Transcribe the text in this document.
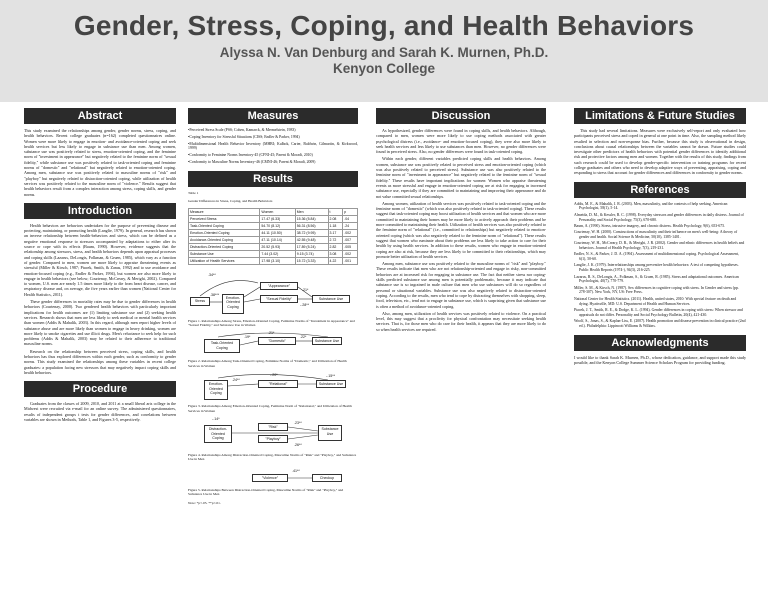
Gender, Stress, Coping, and Health Behaviors
Alyssa N. Van Denburg and Sarah K. Murnen, Ph.D.
Kenyon College
Abstract

This study examined the relationships among gender, gender norms, stress, coping, and health behaviors. Recent college graduates (n=162) completed questionnaires online. Women were more likely to engage in emotion- and avoidance-oriented coping and seek health services but less likely to engage in substance use than men. Among women, substance use was positively related to stress, emotion-oriented coping, and the feminine norm of "investment in appearance" but negatively related to the feminine norm of "sexual fidelity," while substance use was positively related to task-oriented coping and feminine norms of "domestic" and "relational" but negatively related to emotion-oriented coping. Among men, substance use was positively related to masculine norms of "risk" and "playboy" but negatively related to distraction-oriented coping, while utilization of health services was positively related to the masculine norm of "violence." Results suggest that health behaviors result from a complex interaction among stress, coping skills, and gender norms.

Introduction

Health behaviors are behaviors undertaken for the purpose of preventing disease and protecting, maintaining, or promoting health (Langlie, 1979). In general, research has shown an inverse relationship between health-behaviors and stress, which can be defined as a negative emotional response to stressors accompanied by adaptations to either alter its source or cope with its effects (Baum, 1990). However, evidence suggests that the relationship among stressors, stress, and health behaviors depends upon appraisal processes and coping skills (Lazarus, DeLongis, Folkman, & Gruen, 1985), which vary as a function of gender. Compared to men, women are more likely to appraise threatening events as stressful (Miller & Kirsch, 1987; Ptacek, Smith, & Zanas, 1992) and to use avoidance and emotion-focused coping (e.g., Endler & Parker, 1994), but women are also more likely to engage in health behaviors (see below; Courtenay, McCreary, & Merighi, 2002). Compared to women, U.S. men are nearly 1.5 times more likely to die from heart disease, cancer, and respiratory disease and, on average, die five years earlier than women (National Center for Health Statistics, 2011).

These gender differences in mortality rates may be due to gender differences in health behaviors (Courtenay, 2000). Two gendered health behaviors with particularly important implications for health outcomes are (1) limiting substance use and (2) seeking health services. Research shows that men are less likely to seek medical or mental health services than women (Addis & Mahalik, 2003). In this regard, although men report higher levels of substance abuse and are more likely than women to engage in heavy drinking, women are more likely to smoke cigarettes and use illicit drugs. Men's reluctance to seek help for such problems (Addis & Mahalik, 2003) may be related to their adherence to traditional masculine norms.

Research on the relationship between perceived stress, coping skills, and health behaviors has thus explored differences within each gender, such as conformity to gender norms. This study examined the relationships among these variables in recent college graduates: a population facing new stressors that may negatively impact coping skills and health behaviors.

Procedure

Graduates from the classes of 2009, 2010, and 2011 at a small liberal arts college in the Midwest were recruited via e-mail for an online survey. The administered questionnaires, results of independent groups t tests for gender differences, and correlations between variables are shown in Methods, Table 1, and Figures 3-5, respectively.

Measures

•Perceived Stress Scale (PSS; Cohen, Kamarck, & Mermelstein, 1983)

•Coping Inventory for Stressful Situations (CISS; Endler & Parker, 1994)

•Multidimensional Health Behavior Inventory (MHBI; Kulbok, Carter, Baldwin, Gilmartin, & Kirkwood, 1999)

•Conformity to Feminine Norms Inventory-45 (CFNI-45; Parent & Moradi, 2010)

•Conformity to Masculine Norms Inventory-46 (CMNI-46; Parent & Moradi, 2009)

Results
Table 1
Gender Differences in Stress, Coping, and Health Behaviors
Measure	Women	Men	t	p
Perceived Stress	17.47 (6.33)	15.36 (5.84)	2.08	.04
Task-Oriented Coping	54.70 (8.12)	56.31 (8.56)	1.18	.24
Emotion-Oriented Coping	44.11 (10.50)	38.72 (9.95)	3.17	.002
Avoidance-Oriented Coping	47.11 (10.14)	42.55 (9.48)	2.72	.007
Distraction-Oriented Coping	20.52 (5.93)	17.89 (5.24)	2.82	.005
Substance Use	7.44 (3.02)	9.15 (3.74)	3.08	.002
Utilization of Health Services	17.98 (3.10)	15.72 (3.33)	4.22	.001
Stress
Emotion-Oriented Coping
"Appearance"
"Sexual Fidelity"	Substance Use
.34**
.38***
.21*
-.28**
Figure 1. Relationships Among Stress, Emotion-Oriented Coping, Feminine Norms of "Investment in Appearance" and "Sexual Fidelity," and Substance Use in Women
Task-Oriented Coping
"Domestic"	Substance Use
.21*
.19*	.22*
Figure 2. Relationships Among Task-Oriented Coping, Feminine Norms of "Domestic," and Utilization of Health Services in Women
Emotion-Oriented Coping
"Relational"	Substance Use
.24**
-.20*	-.15**
Figure 3. Relationships Among Emotion-Oriented Coping, Feminine Norm of "Relational," and Utilization of Health Services in Women
Distraction-Oriented Coping
"Risk"
"Playboy"
Substance Use
-.14*
.23**
.26**
Figure 4. Relationships Among Distraction-Oriented Coping, Masculine Norms of "Risk" and "Playboy," and Substance Use in Men
"Violence"	Checkup
.41**
Figure 5. Relationships Between Distraction-Oriented Coping, Masculine Norms of "Risk" and "Playboy," and Substance Use in Men
Note: *p<.05. **p<.01.
Discussion

As hypothesized, gender differences were found in coping skills, and health behaviors. Although, compared to men, women were more likely to use coping methods associated with greater psychological distress (i.e., avoidance- and emotion-focused coping), they were also more likely to seek health services and less likely to use substances than men. However, no gender differences were found in perceived stress. Also, no gender differences were found in task-oriented coping.

Within each gender, different variables predicted coping skills and health behaviors. Among women, substance use was positively related to perceived stress and emotion-oriented coping (which was also positively related to perceived stress). Substance use was also positively related to the feminine norm of "investment in appearance" but negatively related to the feminine norm of "sexual fidelity." These results have important implications for women: Women who appraise threatening events as more stressful and engage in emotion-oriented coping are at risk for engaging in increased substance use, especially if they are committed to maintaining and improving their appearance and do not value committed sexual relationships.

Among women, utilization of health services was positively related to task-oriented coping and the feminine norm of "domestic" (which was also positively related to task-oriented coping). These results suggest that task-oriented coping may boost utilization of health services and that women who are more committed to maintaining their homes may be more likely to actively approach their problems and be more committed to maintaining their health. Utilization of health services was also positively related to the feminine norm of "relational" (i.e., committed to relationships) but negatively related to emotion-oriented coping (which was also negatively related to the feminine norm of "relational"). These results suggest that women who ruminate about their problems are less likely to take action to care for their health by using health services. In addition to these results, women who engage in emotion-oriented coping are also at risk, because they are less likely to be committed to their relationships, which may promote better utilization of health services.

Among men, substance use was positively related to the masculine norms of "risk" and "playboy." These results indicate that men who are not relationship-oriented and engage in risky, non-committed behaviors are at increased risk for engaging in substance use. The fact that neither stress nor coping-skills predicted substance use among men is potentially problematic, because it may indicate that substance use is so ingrained in male culture that men who use substances will do so regardless of personal or situational variables. Substance use was also negatively related to distraction-oriented coping. According to the results, men who tend to cope by distracting themselves with shopping, sleep, food, television, etc., tend not to engage in substance use, which is surprising given that substance use is often a method of avoidance-oriented coping.

Also, among men, utilization of health services was positively related to violence. On a practical level, this may suggest that a proclivity for physical confrontation may necessitate seeking health services. That is, for those men who do care for their health, it appears that they are more likely to do so when health services are required.

Limitations & Future Studies

This study had several limitations. Measures were exclusively self-report and only evaluated how participants perceived stress and coped in general at one point in time. Also, the sampling method likely resulted in selection and non-response bias. Further, because this study is observational in design, conclusions about causal relationships between the variables cannot be drawn. Future studies could investigate other predictors of health behaviors with potential gender differences to identify additional risk and protective factors among men and women. Together with the results of this study, findings from such research could be used to develop gender-specific intervention or training programs for recent college graduates and others who need to develop adaptive ways of preventing, appraising, coping and responding to stress that account for gender differences and differences in conformity to gender norms.

References

Addis, M. E., & Mahalik, J. R. (2003). Men, masculinity, and the contexts of help seeking. American Psychologist, 58(1), 5-14.

Almeida, D. M., & Kessler, R. C. (1998). Everyday stressors and gender differences in daily distress. Journal of Personality and Social Psychology, 75(3), 670-680.

Baum, A. (1990). Stress, intrusive imagery, and chronic distress. Health Psychology, 9(6), 653-675.

Courtenay, W. H. (2000). Constructions of masculinity and their influence on men's well-being: A theory of gender and health. Social Science & Medicine, 50(10), 1385-1401.

Courtenay, W. H., McCreary, D. R., & Merighi, J. R. (2002). Gender and ethnic differences in health beliefs and behaviors. Journal of Health Psychology, 7(3), 219-231.

Endler, N. S., & Parker, J. D. A. (1994). Assessment of multidimensional coping. Psychological Assessment, 6(1), 50-60.

Langlie, J. K. (1979). Interrelationships among preventive health behaviors: A test of competing hypotheses. Public Health Reports (1974-), 94(3), 216-225.

Lazarus, R. S., DeLongis, A., Folkman, S., & Gruen, R. (1985). Stress and adaptational outcomes. American Psychologist, 40(7), 770-779.

Miller, S. M., & Kirsch, N. (1987). Sex differences in cognitive coping with stress. In Gender and stress (pp. 278-307). New York, NY, US: Free Press.

National Center for Health Statistics. (2011). Health, united states, 2010: With special feature on death and dying. Hyattsville, MD: U.S. Department of Health and Human Services.

Ptacek, J. T., Smith, R. E., & Dodge, K. L. (1994). Gender differences in coping with stress: When stressor and appraisals do not differ. Personality and Social Psychology Bulletin, 20(4), 421-430.

Woolf, S., Jonas, S., & Kaplan-Liss, E. (2007). Health promotion and disease prevention in clinical practice (2nd ed.). Philadelphia: Lippincott Williams & Wilkins.

Acknowledgments

I would like to thank Sarah K. Murnen, Ph.D., whose dedication, guidance, and support made this study possible, and the Kenyon College Summer Science Scholars Program for providing funding.
